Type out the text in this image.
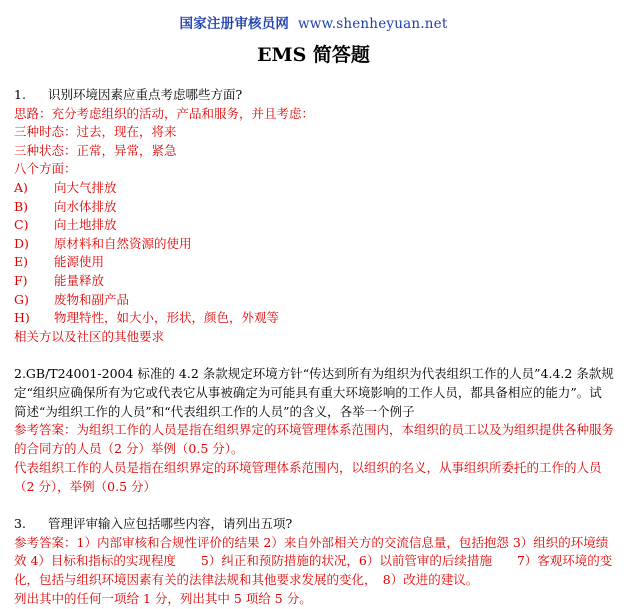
国家注册审核员网 www.shenheyuan.net
EMS 简答题
1. 识别环境因素应重点考虑哪些方面?
思路：充分考虑组织的活动，产品和服务，并且考虑：
三种时态：过去，现在，将来
三种状态：正常，异常，紧急
八个方面：
A) 向大气排放
B) 向水体排放
C) 向土地排放
D) 原材料和自然资源的使用
E) 能源使用
F) 能量释放
G) 废物和副产品
H) 物理特性，如大小，形状，颜色，外观等
相关方以及社区的其他要求
2.GB/T24001-2004 标准的 4.2 条款规定环境方针“传达到所有为组织为代表组织工作的人员”4.4.2 条款规定“组织应确保所有为它或代表它从事被确定为可能具有重大环境影响的工作人员，都具备相应的能力”。试简述“为组织工作的人员”和“代表组织工作的人员”的含义，各举一个例子
参考答案：为组织工作的人员是指在组织界定的环境管理体系范围内，本组织的员工以及为组织提供各种服务的合同方的人员（2 分）举例（0.5 分）。
代表组织工作的人员是指在组织界定的环境管理体系范围内，以组织的名义，从事组织所委托的工作的人员（2 分），举例（0.5 分）
3. 管理评审输入应包括哪些内容，请列出五项?
参考答案：1）内部审核和合规性评价的结果 2）来自外部相关方的交流信息量，包括抱怨 3）组织的环境绩效 4）目标和指标的实现程度　　5）纠正和预防措施的状况，6）以前管审的后续措施　　7）客观环境的变化，包括与组织环境因素有关的法律法规和其他要求发展的变化，　8）改进的建议。
列出其中的任何一项给 1 分，列出其中 5 项给 5 分。
